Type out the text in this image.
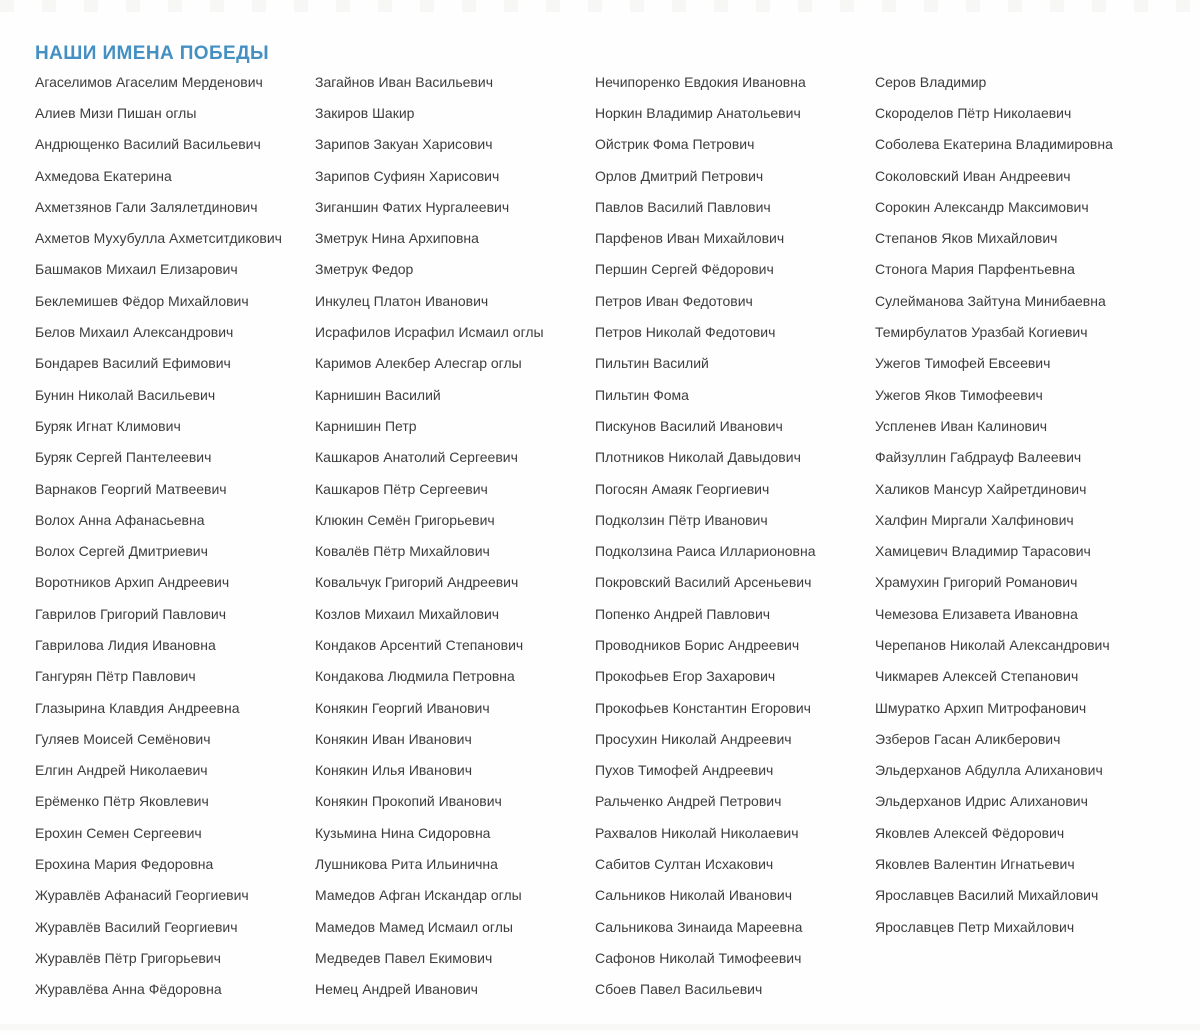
НАШИ ИМЕНА ПОБЕДЫ
Агаселимов Агаселим Мерденович
Алиев Мизи Пишан оглы
Андрющенко Василий Васильевич
Ахмедова Екатерина
Ахметзянов Гали Залялетдинович
Ахметов Мухубулла Ахметситдикович
Башмаков Михаил Елизарович
Беклемишев Фёдор Михайлович
Белов Михаил Александрович
Бондарев Василий Ефимович
Бунин Николай Васильевич
Буряк Игнат Климович
Буряк Сергей Пантелеевич
Варнаков Георгий Матвеевич
Волох Анна Афанасьевна
Волох Сергей Дмитриевич
Воротников Архип Андреевич
Гаврилов Григорий Павлович
Гаврилова Лидия Ивановна
Гангурян Пётр Павлович
Глазырина Клавдия Андреевна
Гуляев Моисей Семёнович
Елгин Андрей Николаевич
Ерёменко Пётр Яковлевич
Ерохин Семен Сергеевич
Ерохина Мария Федоровна
Журавлёв Афанасий Георгиевич
Журавлёв Василий Георгиевич
Журавлёв Пётр Григорьевич
Журавлёва Анна Фёдоровна
Загайнов Иван Васильевич
Закиров Шакир
Зарипов Закуан Харисович
Зарипов Суфиян Харисович
Зиганшин Фатих Нургалеевич
Зметрук Нина Архиповна
Зметрук Федор
Инкулец Платон Иванович
Исрафилов Исрафил Исмаил оглы
Каримов Алекбер Алесгар оглы
Карнишин Василий
Карнишин Петр
Кашкаров Анатолий Сергеевич
Кашкаров Пётр Сергеевич
Клюкин Семён Григорьевич
Ковалёв Пётр Михайлович
Ковальчук Григорий Андреевич
Козлов Михаил Михайлович
Кондаков Арсентий Степанович
Кондакова Людмила Петровна
Конякин Георгий Иванович
Конякин Иван Иванович
Конякин Илья Иванович
Конякин Прокопий Иванович
Кузьмина Нина Сидоровна
Лушникова Рита Ильинична
Мамедов Афган Искандар оглы
Мамедов Мамед Исмаил оглы
Медведев Павел Екимович
Немец Андрей Иванович
Нечипоренко Евдокия Ивановна
Норкин Владимир Анатольевич
Ойстрик Фома Петрович
Орлов Дмитрий Петрович
Павлов Василий Павлович
Парфенов Иван Михайлович
Першин Сергей Фёдорович
Петров Иван Федотович
Петров Николай Федотович
Пильтин Василий
Пильтин Фома
Пискунов Василий Иванович
Плотников Николай Давыдович
Погосян Амаяк Георгиевич
Подколзин Пётр Иванович
Подколзина Раиса Илларионовна
Покровский Василий Арсеньевич
Попенко Андрей Павлович
Проводников Борис Андреевич
Прокофьев Егор Захарович
Прокофьев Константин Егорович
Просухин Николай Андреевич
Пухов Тимофей Андреевич
Ральченко Андрей Петрович
Рахвалов Николай Николаевич
Сабитов Султан Исхакович
Сальников Николай Иванович
Сальникова Зинаида Мареевна
Сафонов Николай Тимофеевич
Сбоев Павел Васильевич
Серов Владимир
Скороделов Пётр Николаевич
Соболева Екатерина Владимировна
Соколовский Иван Андреевич
Сорокин Александр Максимович
Степанов Яков Михайлович
Стонога Мария Парфентьевна
Сулейманова Зайтуна Минибаевна
Темирбулатов Уразбай Когиевич
Ужегов Тимофей Евсеевич
Ужегов Яков Тимофеевич
Успленев Иван Калинович
Файзуллин Габдрауф Валеевич
Халиков Мансур Хайретдинович
Халфин Миргали Халфинович
Хамицевич Владимир Тарасович
Храмухин Григорий Романович
Чемезова Елизавета Ивановна
Черепанов Николай Александрович
Чикмарев Алексей Степанович
Шмуратко Архип Митрофанович
Эзберов Гасан Аликберович
Эльдерханов Абдулла Алиханович
Эльдерханов Идрис Алиханович
Яковлев Алексей Фёдорович
Яковлев Валентин Игнатьевич
Ярославцев Василий Михайлович
Ярославцев Петр Михайлович
